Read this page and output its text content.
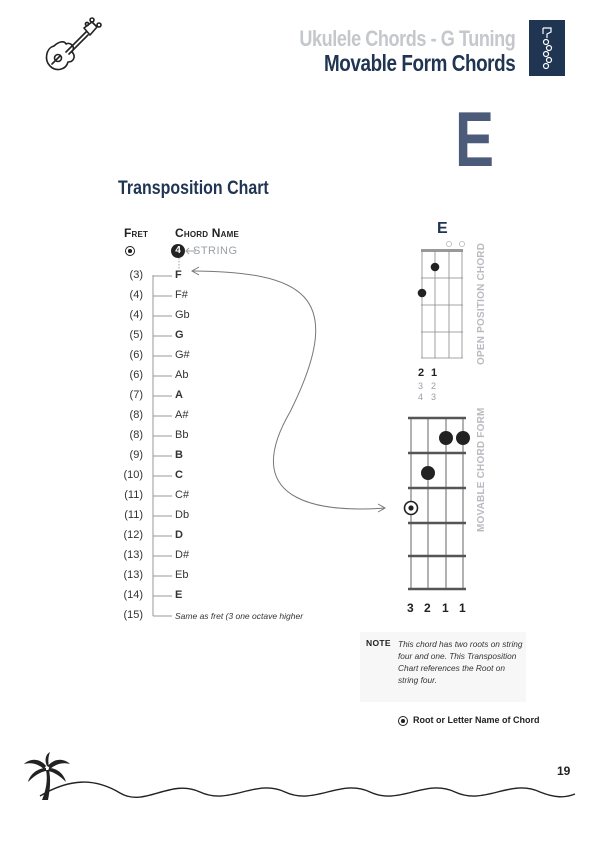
Ukulele Chords - G Tuning
Movable Form Chords
E
Transposition Chart
Fret Chord Name
4	STRING
(3)	F
(4)	F#
(4)	Gb
(5)	G
(6)	G#
(6)	Ab
(7)	A
(8)	A#
(8)	Bb
(9)	B
(10)	C
(11)	C#
(11)	Db
(12)	D
(13)	D#
(13)	Eb
(14)	E
(15)	Same as fret (3 one octave higher
E
OPEN POSITION CHORD
2 1
3 2
4 3
MOVABLE CHORD FORM
3 2 1 1
NOTE This chord has two roots on string four and one. This Transposition Chart references the Root on string four.
Root or Letter Name of Chord
19
